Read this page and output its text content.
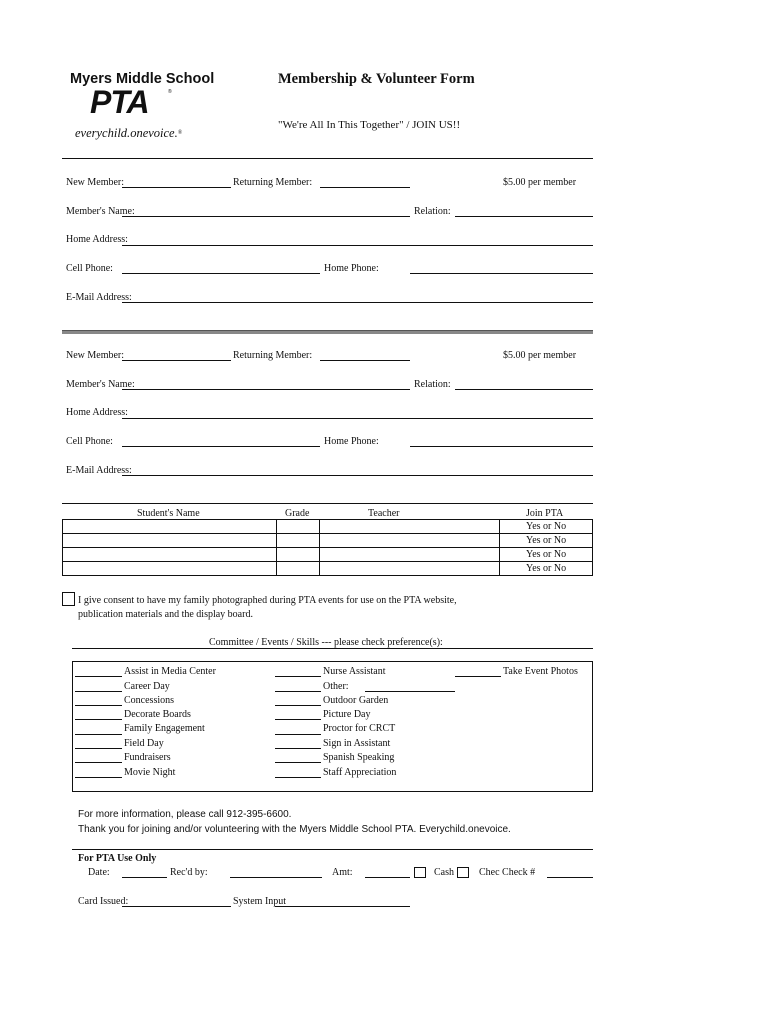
Myers Middle School
PTA	®
everychild.onevoice.®
Membership & Volunteer Form
"We're All In This Together" / JOIN US!!
New Member:	Returning Member:	$5.00 per member
Member's Name:	Relation:
Home Address:
Cell Phone:	Home Phone:
E-Mail Address:
New Member:	Returning Member:	$5.00 per member
Member's Name:	Relation:
Home Address:
Cell Phone:	Home Phone:
E-Mail Address:
Student's Name	Grade	Teacher	Join PTA
			Yes or No
			Yes or No
			Yes or No
			Yes or No
I give consent to have my family photographed during PTA events for use on the PTA website,
publication materials and the display board.
Committee / Events / Skills --- please check preference(s):
Assist in Media Center
Career Day
Concessions
Decorate Boards
Family Engagement
Field Day
Fundraisers
Movie Night
Nurse Assistant
Other:
Outdoor Garden
Picture Day
Proctor for CRCT
Sign in Assistant
Spanish Speaking
Staff Appreciation
Take Event Photos
For more information, please call 912-395-6600.
Thank you for joining and/or volunteering with the Myers Middle School PTA. Everychild.onevoice.
For PTA Use Only
Date:	Rec'd by:	Amt:	Cash	Chec Check #
Card Issued:	System Input
